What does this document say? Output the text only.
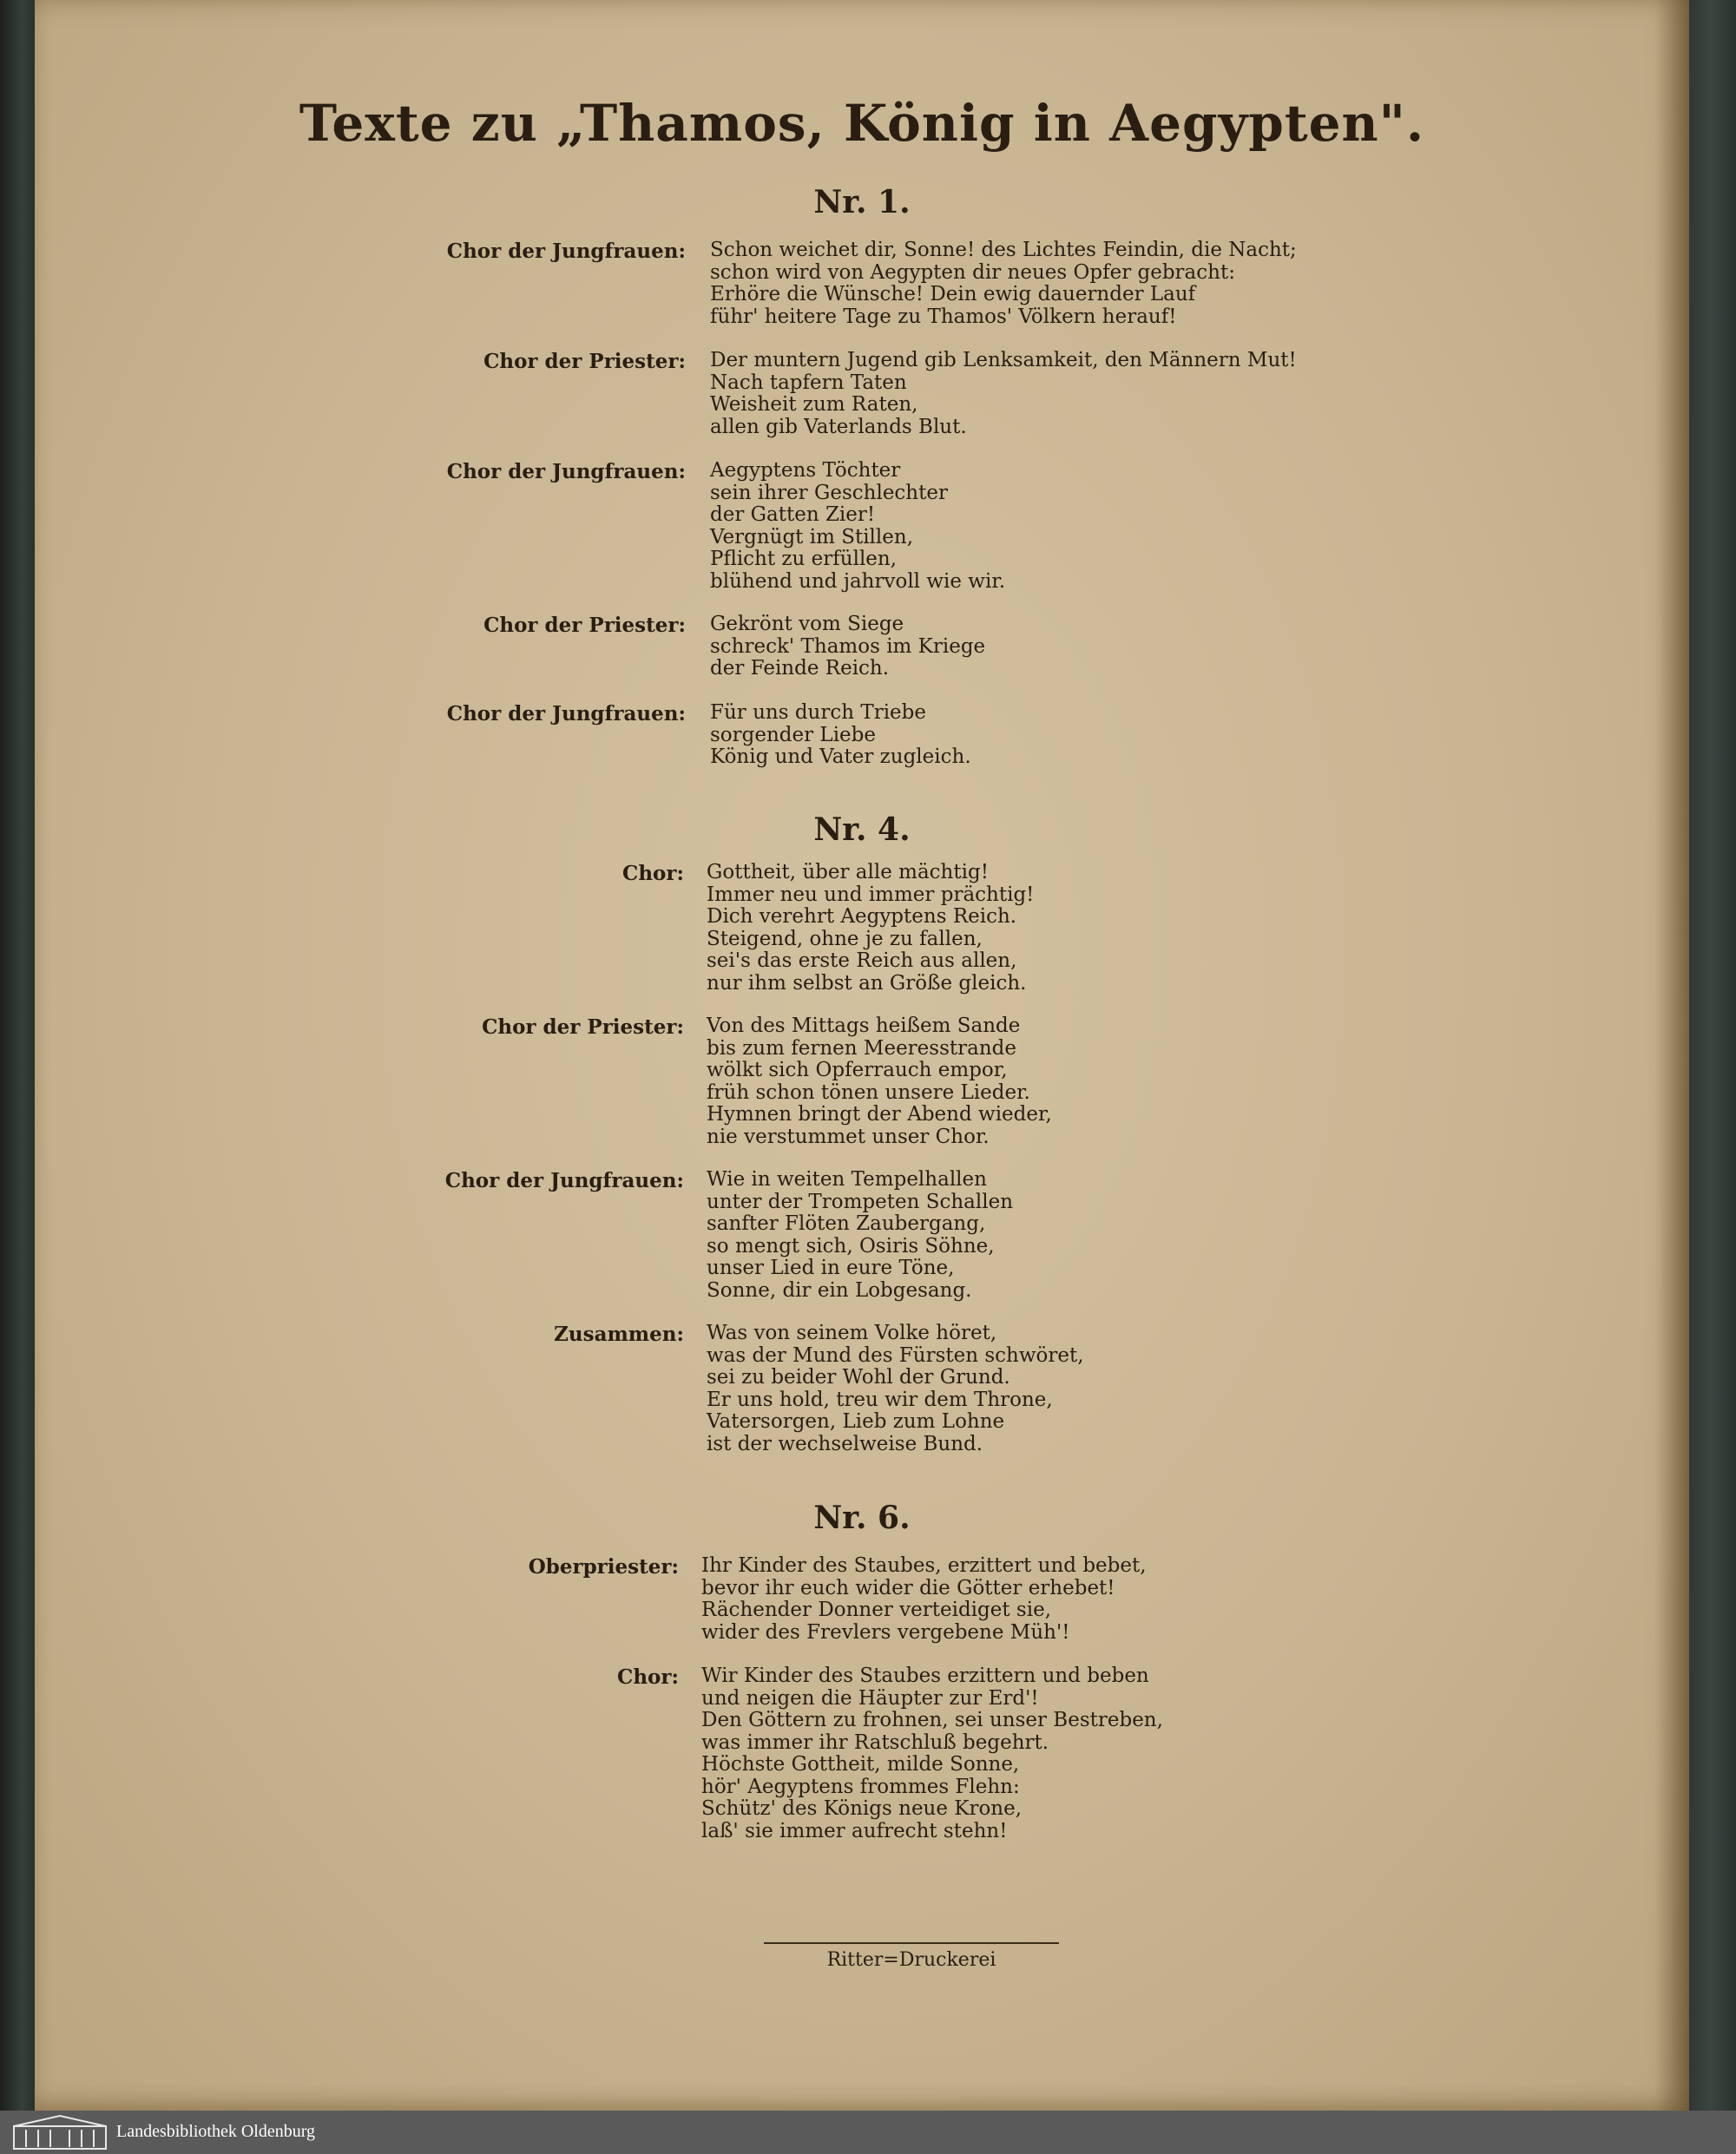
Texte zu „Thamos, König in Aegypten".
Nr. 1.
Chor der Jungfrauen: Schon weichet dir, Sonne! des Lichtes Feindin, die Nacht;
schon wird von Aegypten dir neues Opfer gebracht:
Erhöre die Wünsche! Dein ewig dauernder Lauf
führ' heitere Tage zu Thamos' Völkern herauf!
Chor der Priester: Der muntern Jugend gib Lenksamkeit, den Männern Mut!
Nach tapfern Taten
Weisheit zum Raten,
allen gib Vaterlands Blut.
Chor der Jungfrauen: Aegyptens Töchter
sein ihrer Geschlechter
der Gatten Zier!
Vergnügt im Stillen,
Pflicht zu erfüllen,
blühend und jahrvoll wie wir.
Chor der Priester: Gekrönt vom Siege
schreck' Thamos im Kriege
der Feinde Reich.
Chor der Jungfrauen: Für uns durch Triebe
sorgender Liebe
König und Vater zugleich.
Nr. 4.
Chor: Gottheit, über alle mächtig!
Immer neu und immer prächtig!
Dich verehrt Aegyptens Reich.
Steigend, ohne je zu fallen,
sei's das erste Reich aus allen,
nur ihm selbst an Größe gleich.
Chor der Priester: Von des Mittags heißem Sande
bis zum fernen Meeresstrande
wölkt sich Opferrauch empor,
früh schon tönen unsere Lieder.
Hymnen bringt der Abend wieder,
nie verstummet unser Chor.
Chor der Jungfrauen: Wie in weiten Tempelhallen
unter der Trompeten Schallen
sanfter Flöten Zaubergang,
so mengt sich, Osiris Söhne,
unser Lied in eure Töne,
Sonne, dir ein Lobgesang.
Zusammen: Was von seinem Volke höret,
was der Mund des Fürsten schwöret,
sei zu beider Wohl der Grund.
Er uns hold, treu wir dem Throne,
Vatersorgen, Lieb zum Lohne
ist der wechselweise Bund.
Nr. 6.
Oberpriester: Ihr Kinder des Staubes, erzittert und bebet,
bevor ihr euch wider die Götter erhebet!
Rächender Donner verteidiget sie,
wider des Frevlers vergebene Müh'!
Chor: Wir Kinder des Staubes erzittern und beben
und neigen die Häupter zur Erd'!
Den Göttern zu frohnen, sei unser Bestreben,
was immer ihr Ratschluß begehrt.
Höchste Gottheit, milde Sonne,
hör' Aegyptens frommes Flehn:
Schütz' des Königs neue Krone,
laß' sie immer aufrecht stehn!
Ritter=Druckerei
Landesbibliothek Oldenburg
